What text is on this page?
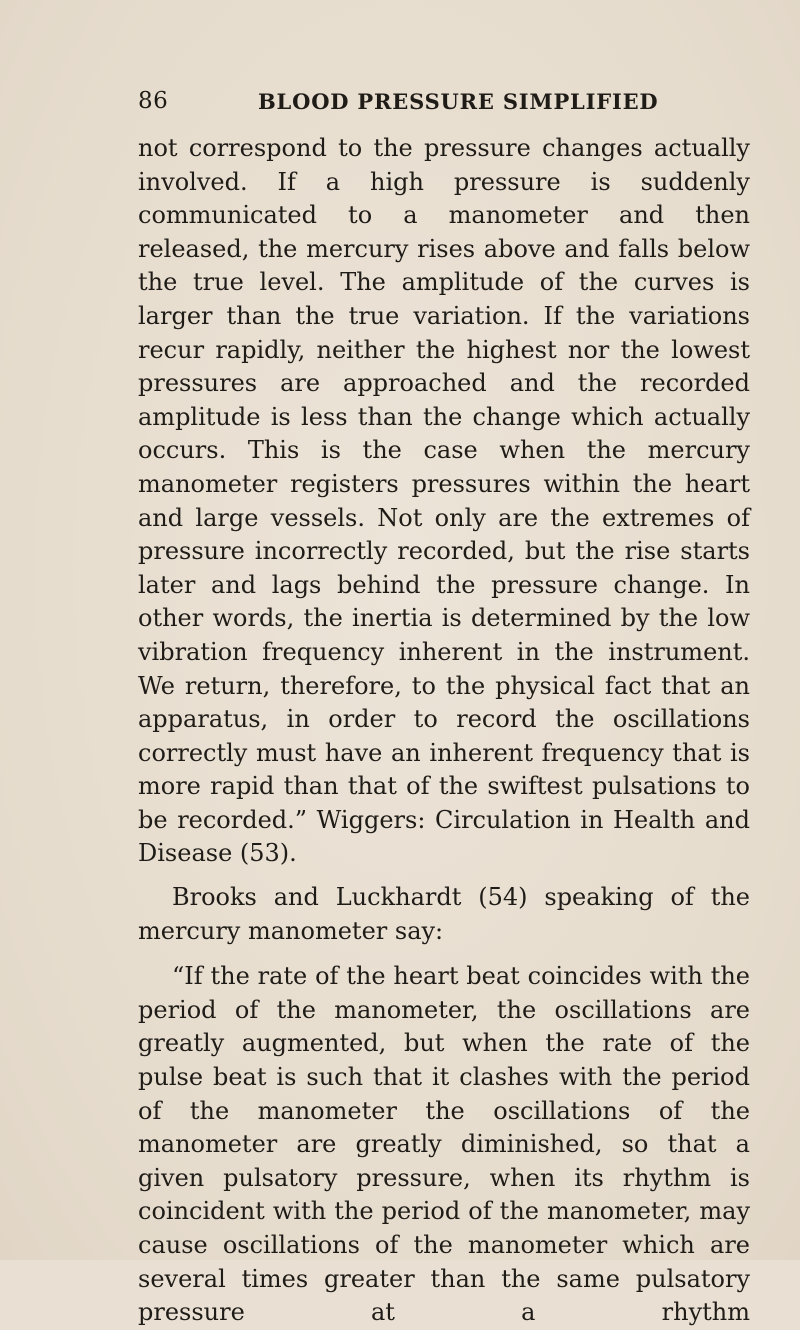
86	BLOOD PRESSURE SIMPLIFIED

not correspond to the pressure changes actually involved. If a high pressure is suddenly communicated to a manometer and then released, the mercury rises above and falls below the true level. The amplitude of the curves is larger than the true variation. If the variations recur rapidly, neither the highest nor the lowest pressures are approached and the recorded amplitude is less than the change which actually occurs. This is the case when the mercury manometer registers pressures within the heart and large vessels. Not only are the extremes of pressure incorrectly recorded, but the rise starts later and lags behind the pressure change. In other words, the inertia is determined by the low vibration frequency inherent in the instrument. We return, therefore, to the physical fact that an apparatus, in order to record the oscillations correctly must have an inherent frequency that is more rapid than that of the swiftest pulsations to be recorded.” Wiggers: Circulation in Health and Disease (53).

Brooks and Luckhardt (54) speaking of the mercury manometer say:

“If the rate of the heart beat coincides with the period of the manometer, the oscillations are greatly augmented, but when the rate of the pulse beat is such that it clashes with the period of the manometer the oscillations of the manometer are greatly diminished, so that a given pulsatory pressure, when its rhythm is coincident with the period of the manometer, may cause oscillations of the manometer which are several times greater than the same pulsatory pressure at a rhythm
